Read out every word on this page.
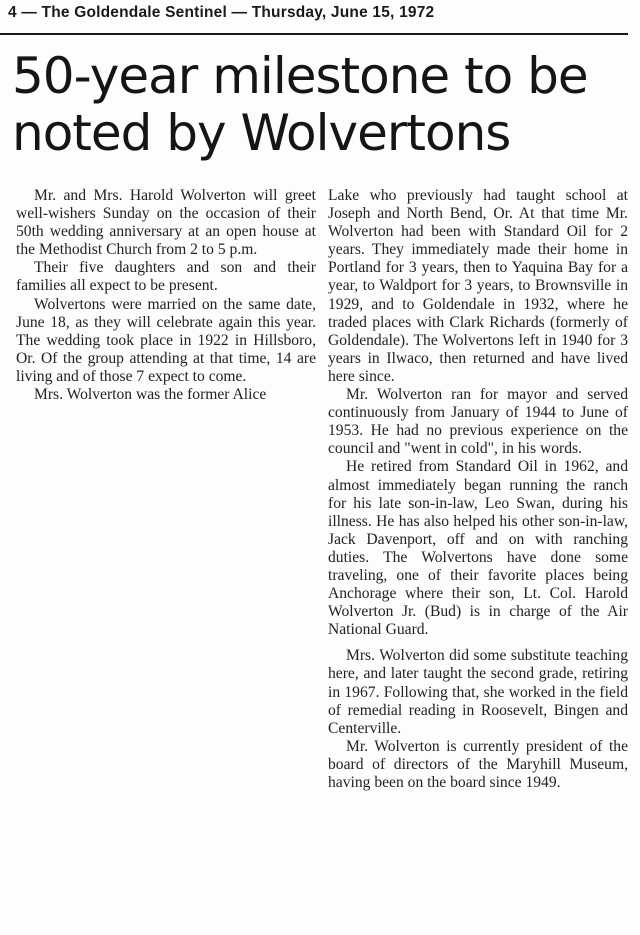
4 — The Goldendale Sentinel — Thursday, June 15, 1972
50-year milestone to be noted by Wolvertons

Mr. and Mrs. Harold Wolverton will greet well-wishers Sunday on the occasion of their 50th wedding anniversary at an open house at the Methodist Church from 2 to 5 p.m.

Their five daughters and son and their families all expect to be present.

Wolvertons were married on the same date, June 18, as they will celebrate again this year. The wedding took place in 1922 in Hillsboro, Or. Of the group attending at that time, 14 are living and of those 7 expect to come.

Mrs. Wolverton was the former Alice

Lake who previously had taught school at Joseph and North Bend, Or. At that time Mr. Wolverton had been with Standard Oil for 2 years. They immediately made their home in Portland for 3 years, then to Yaquina Bay for a year, to Waldport for 3 years, to Brownsville in 1929, and to Goldendale in 1932, where he traded places with Clark Richards (formerly of Goldendale). The Wolvertons left in 1940 for 3 years in Ilwaco, then returned and have lived here since.

Mr. Wolverton ran for mayor and served continuously from January of 1944 to June of 1953. He had no previous experience on the council and "went in cold", in his words.

He retired from Standard Oil in 1962, and almost immediately began running the ranch for his late son-in-law, Leo Swan, during his illness. He has also helped his other son-in-law, Jack Davenport, off and on with ranching duties. The Wolvertons have done some traveling, one of their favorite places being Anchorage where their son, Lt. Col. Harold Wolverton Jr. (Bud) is in charge of the Air National Guard.

Mrs. Wolverton did some substitute teaching here, and later taught the second grade, retiring in 1967. Following that, she worked in the field of remedial reading in Roosevelt, Bingen and Centerville.

Mr. Wolverton is currently president of the board of directors of the Maryhill Museum, having been on the board since 1949.
